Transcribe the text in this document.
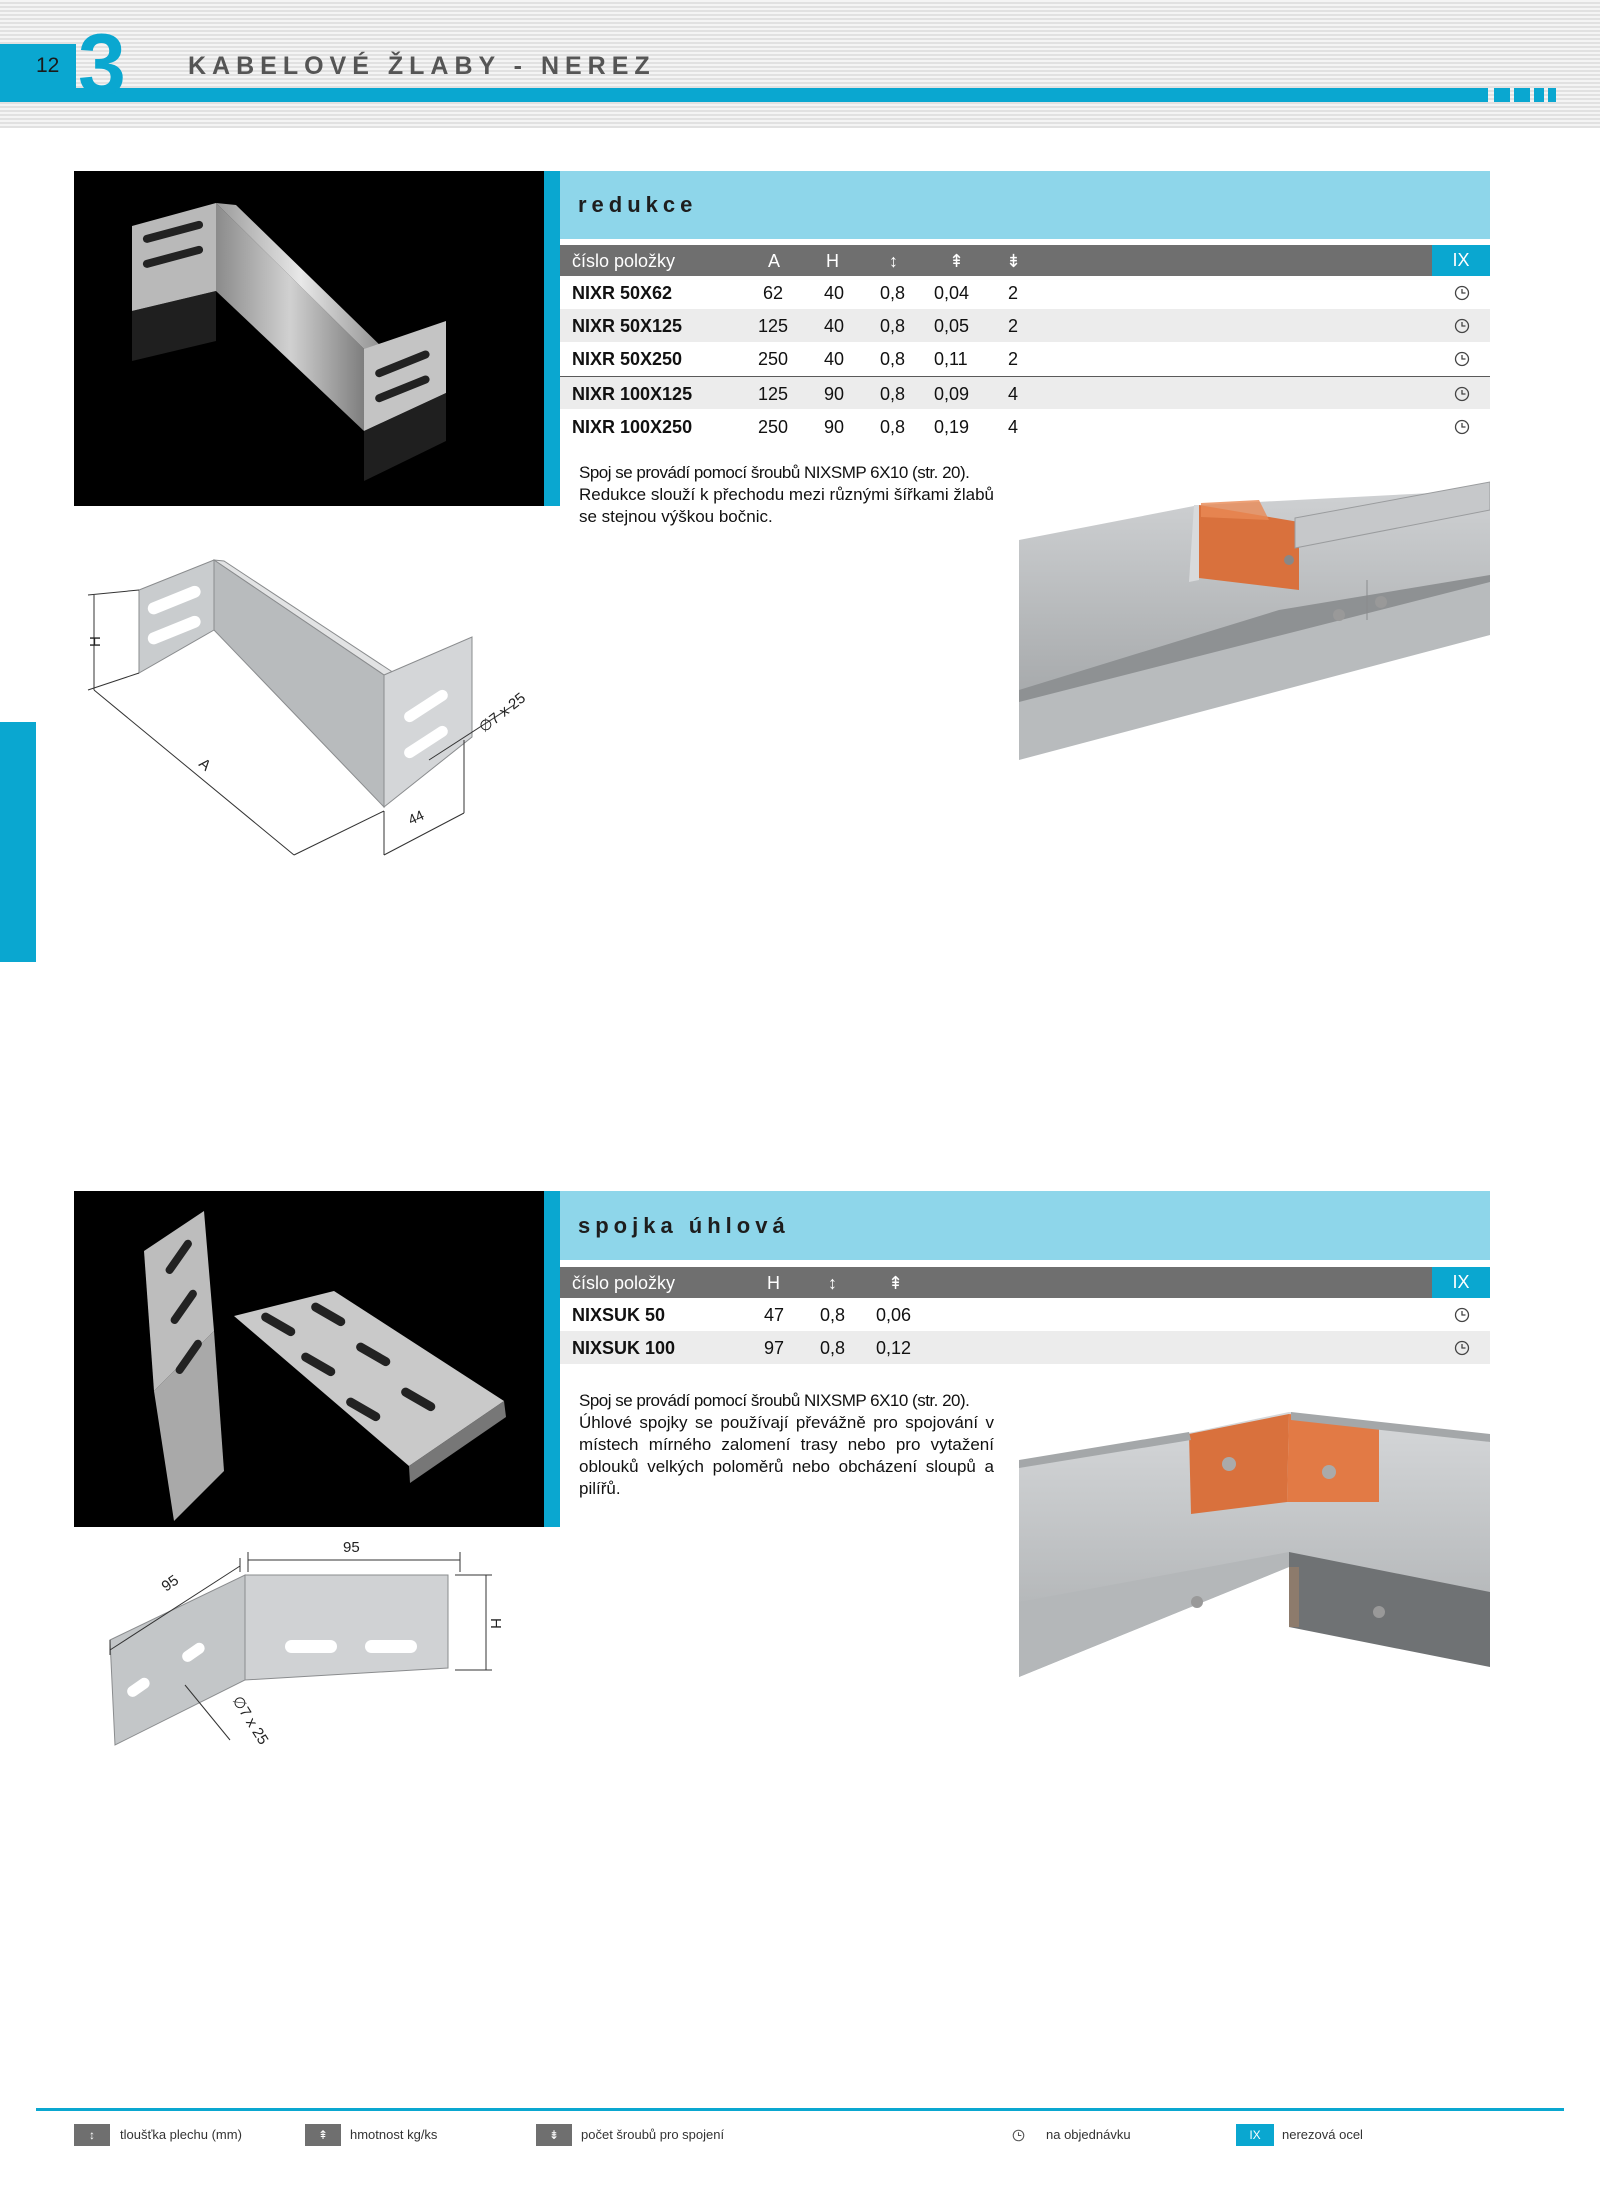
12 3 KABELOVÉ ŽLABY - NEREZ
redukce
číslo položky	A	H	↕	⇞ ⇟	IX
NIXR 50X62	62 40 0,8 0,04 2
NIXR 50X125	125 40 0,8 0,05 2
NIXR 50X250	250 40 0,8 0,11 2
NIXR 100X125	125 90 0,8 0,09 4
NIXR 100X250	250 90 0,8 0,19 4

Spoj se provádí pomocí šroubů NIXSMP 6X10 (str. 20).

Redukce slouží k přechodu mezi různými šířkami žlabů se stejnou výškou bočnic.

H
A
∅7 x 25
44
spojka úhlová
číslo položky	H	↕	⇞	IX
NIXSUK 50	47 0,8 0,06
NIXSUK 100	97 0,8 0,12

Spoj se provádí pomocí šroubů NIXSMP 6X10 (str. 20).

Úhlové spojky se používají převážně pro spojování v místech mírného zalomení trasy nebo pro vytažení oblouků velkých poloměrů nebo obcházení sloupů a pilířů.

95
95
H
∅7 x 25
↕	tloušťka plechu (mm)	⇞	hmotnost kg/ks	⇟	počet šroubů pro spojení	na objednávku	IX	nerezová ocel
